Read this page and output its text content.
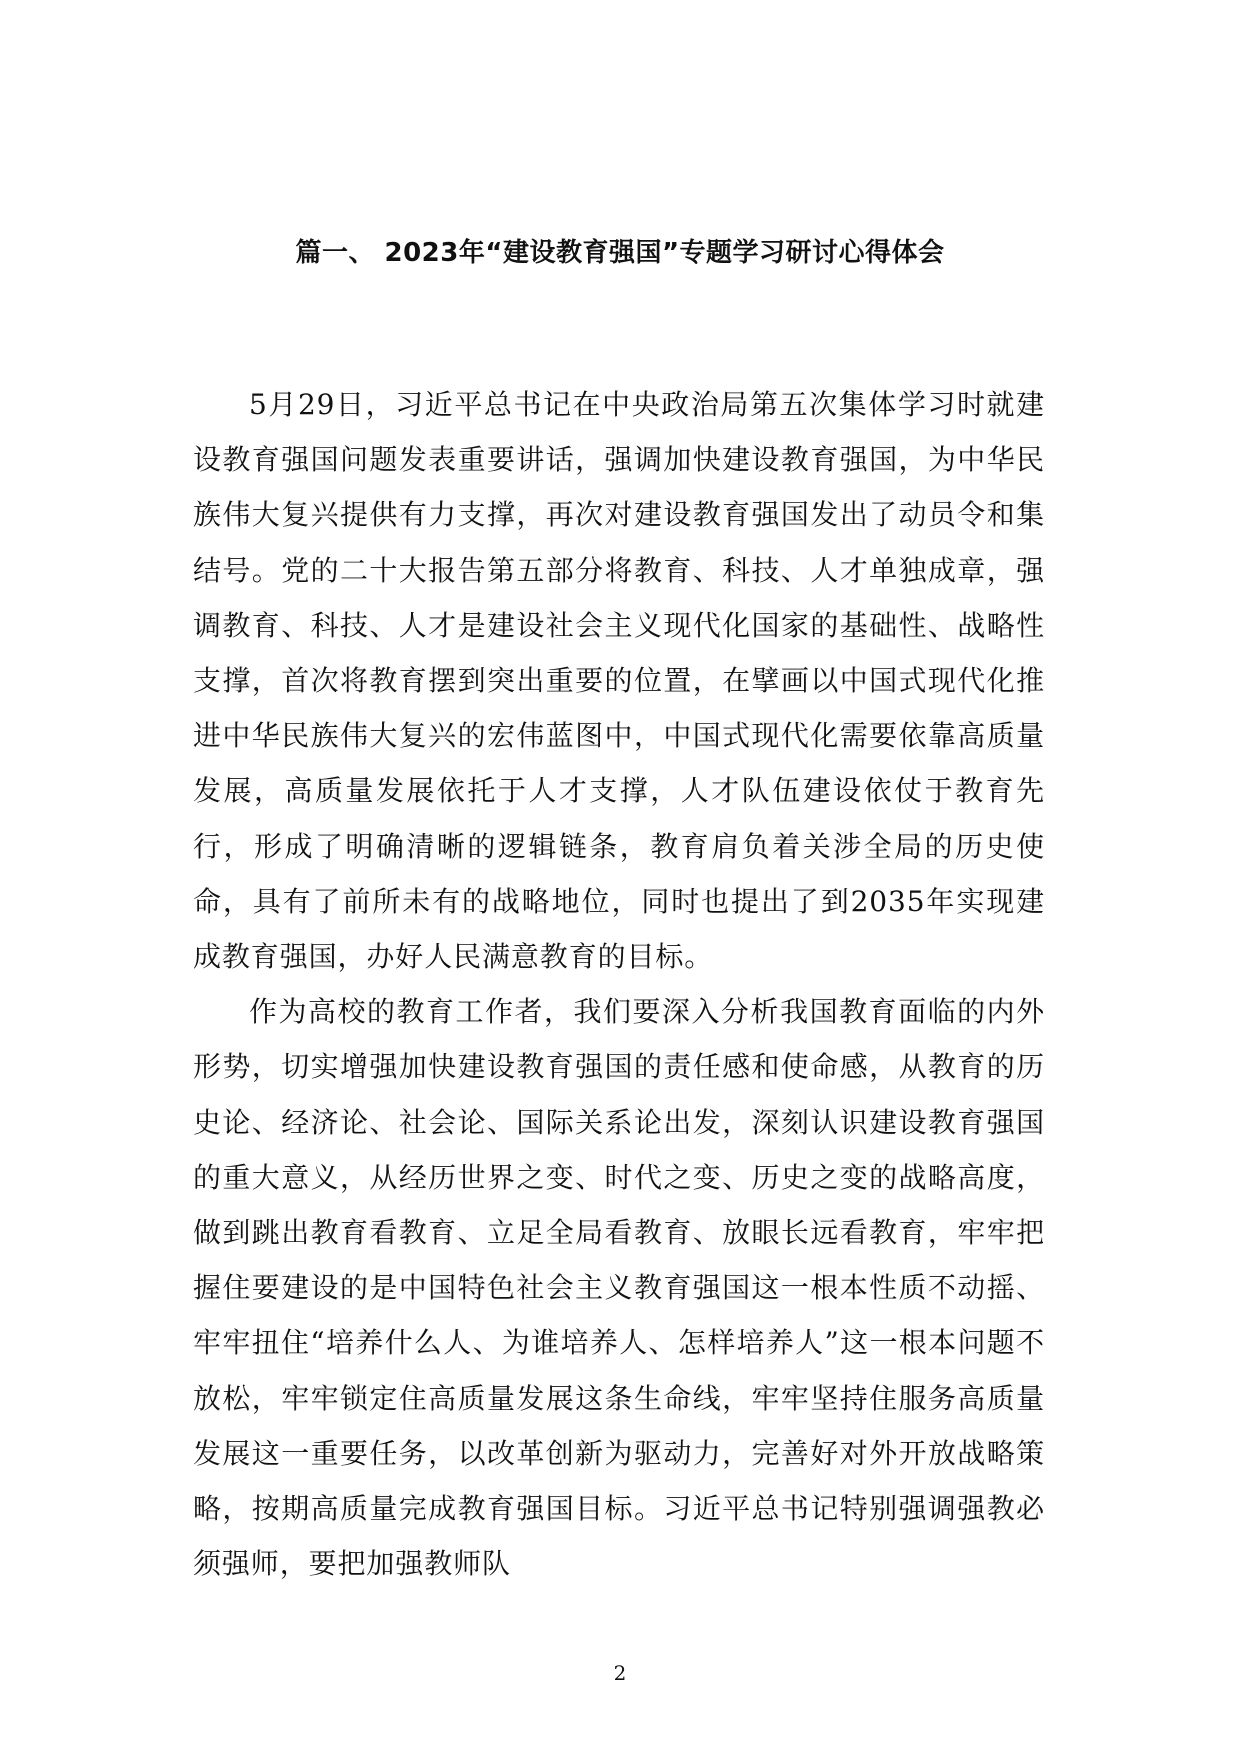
篇一、 2023年“建设教育强国”专题学习研讨心得体会

5月29日，习近平总书记在中央政治局第五次集体学习时就建设教育强国问题发表重要讲话，强调加快建设教育强国，为中华民族伟大复兴提供有力支撑，再次对建设教育强国发出了动员令和集结号。党的二十大报告第五部分将教育、科技、人才单独成章，强调教育、科技、人才是建设社会主义现代化国家的基础性、战略性支撑，首次将教育摆到突出重要的位置，在擘画以中国式现代化推进中华民族伟大复兴的宏伟蓝图中，中国式现代化需要依靠高质量发展，高质量发展依托于人才支撑，人才队伍建设依仗于教育先行，形成了明确清晰的逻辑链条，教育肩负着关涉全局的历史使命，具有了前所未有的战略地位，同时也提出了到2035年实现建成教育强国，办好人民满意教育的目标。

作为高校的教育工作者，我们要深入分析我国教育面临的内外形势，切实增强加快建设教育强国的责任感和使命感，从教育的历史论、经济论、社会论、国际关系论出发，深刻认识建设教育强国的重大意义，从经历世界之变、时代之变、历史之变的战略高度，做到跳出教育看教育、立足全局看教育、放眼长远看教育，牢牢把握住要建设的是中国特色社会主义教育强国这一根本性质不动摇、牢牢扭住“培养什么人、为谁培养人、怎样培养人”这一根本问题不放松，牢牢锁定住高质量发展这条生命线，牢牢坚持住服务高质量发展这一重要任务，以改革创新为驱动力，完善好对外开放战略策略，按期高质量完成教育强国目标。习近平总书记特别强调强教必须强师，要把加强教师队

2
